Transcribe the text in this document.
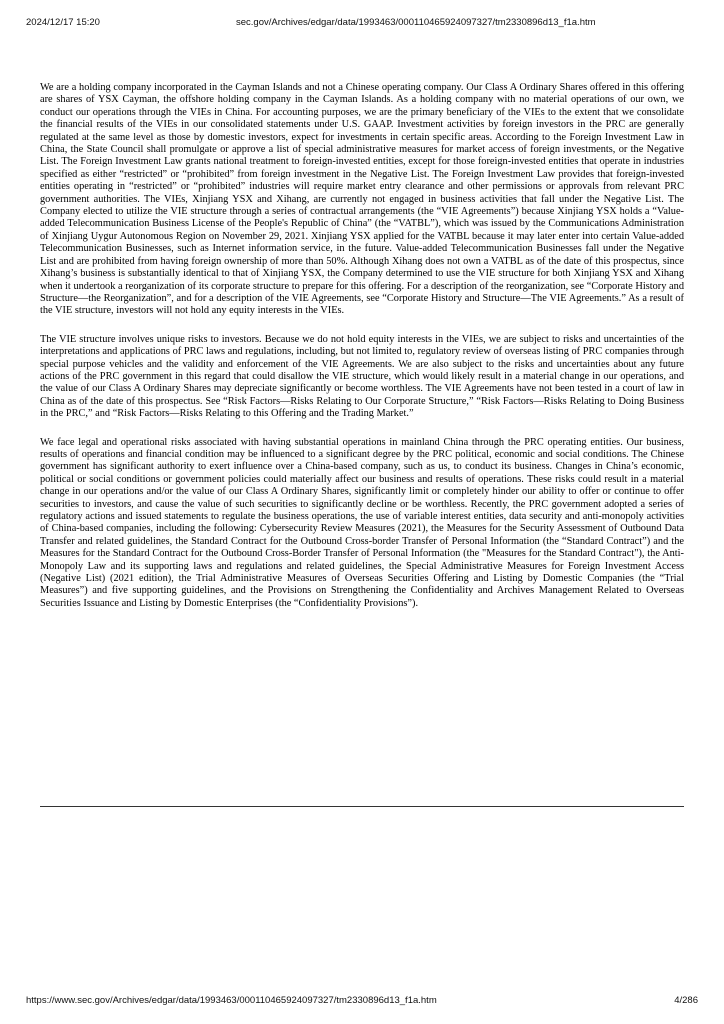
2024/12/17 15:20	sec.gov/Archives/edgar/data/1993463/000110465924097327/tm2330896d13_f1a.htm

We are a holding company incorporated in the Cayman Islands and not a Chinese operating company. Our Class A Ordinary Shares offered in this offering are shares of YSX Cayman, the offshore holding company in the Cayman Islands. As a holding company with no material operations of our own, we conduct our operations through the VIEs in China. For accounting purposes, we are the primary beneficiary of the VIEs to the extent that we consolidate the financial results of the VIEs in our consolidated statements under U.S. GAAP. Investment activities by foreign investors in the PRC are generally regulated at the same level as those by domestic investors, expect for investments in certain specific areas. According to the Foreign Investment Law in China, the State Council shall promulgate or approve a list of special administrative measures for market access of foreign investments, or the Negative List. The Foreign Investment Law grants national treatment to foreign-invested entities, except for those foreign-invested entities that operate in industries specified as either “restricted” or “prohibited” from foreign investment in the Negative List. The Foreign Investment Law provides that foreign-invested entities operating in “restricted” or “prohibited” industries will require market entry clearance and other permissions or approvals from relevant PRC government authorities. The VIEs, Xinjiang YSX and Xihang, are currently not engaged in business activities that fall under the Negative List. The Company elected to utilize the VIE structure through a series of contractual arrangements (the “VIE Agreements”) because Xinjiang YSX holds a “Value-added Telecommunication Business License of the People's Republic of China” (the “VATBL”), which was issued by the Communications Administration of Xinjiang Uygur Autonomous Region on November 29, 2021. Xinjiang YSX applied for the VATBL because it may later enter into certain Value-added Telecommunication Businesses, such as Internet information service, in the future. Value-added Telecommunication Businesses fall under the Negative List and are prohibited from having foreign ownership of more than 50%. Although Xihang does not own a VATBL as of the date of this prospectus, since Xihang’s business is substantially identical to that of Xinjiang YSX, the Company determined to use the VIE structure for both Xinjiang YSX and Xihang when it undertook a reorganization of its corporate structure to prepare for this offering. For a description of the reorganization, see “Corporate History and Structure—the Reorganization”, and for a description of the VIE Agreements, see “Corporate History and Structure—The VIE Agreements.” As a result of the VIE structure, investors will not hold any equity interests in the VIEs.

The VIE structure involves unique risks to investors. Because we do not hold equity interests in the VIEs, we are subject to risks and uncertainties of the interpretations and applications of PRC laws and regulations, including, but not limited to, regulatory review of overseas listing of PRC companies through special purpose vehicles and the validity and enforcement of the VIE Agreements. We are also subject to the risks and uncertainties about any future actions of the PRC government in this regard that could disallow the VIE structure, which would likely result in a material change in our operations, and the value of our Class A Ordinary Shares may depreciate significantly or become worthless. The VIE Agreements have not been tested in a court of law in China as of the date of this prospectus. See “Risk Factors—Risks Relating to Our Corporate Structure,” “Risk Factors—Risks Relating to Doing Business in the PRC,” and “Risk Factors—Risks Relating to this Offering and the Trading Market.”

We face legal and operational risks associated with having substantial operations in mainland China through the PRC operating entities. Our business, results of operations and financial condition may be influenced to a significant degree by the PRC political, economic and social conditions. The Chinese government has significant authority to exert influence over a China-based company, such as us, to conduct its business. Changes in China’s economic, political or social conditions or government policies could materially affect our business and results of operations. These risks could result in a material change in our operations and/or the value of our Class A Ordinary Shares, significantly limit or completely hinder our ability to offer or continue to offer securities to investors, and cause the value of such securities to significantly decline or be worthless. Recently, the PRC government adopted a series of regulatory actions and issued statements to regulate the business operations, the use of variable interest entities, data security and anti-monopoly activities of China-based companies, including the following: Cybersecurity Review Measures (2021), the Measures for the Security Assessment of Outbound Data Transfer and related guidelines, the Standard Contract for the Outbound Cross-border Transfer of Personal Information (the “Standard Contract”) and the Measures for the Standard Contract for the Outbound Cross-Border Transfer of Personal Information (the "Measures for the Standard Contract"), the Anti-Monopoly Law and its supporting laws and regulations and related guidelines, the Special Administrative Measures for Foreign Investment Access (Negative List) (2021 edition), the Trial Administrative Measures of Overseas Securities Offering and Listing by Domestic Companies (the “Trial Measures”) and five supporting guidelines, and the Provisions on Strengthening the Confidentiality and Archives Management Related to Overseas Securities Issuance and Listing by Domestic Enterprises (the “Confidentiality Provisions”).

https://www.sec.gov/Archives/edgar/data/1993463/000110465924097327/tm2330896d13_f1a.htm	4/286
